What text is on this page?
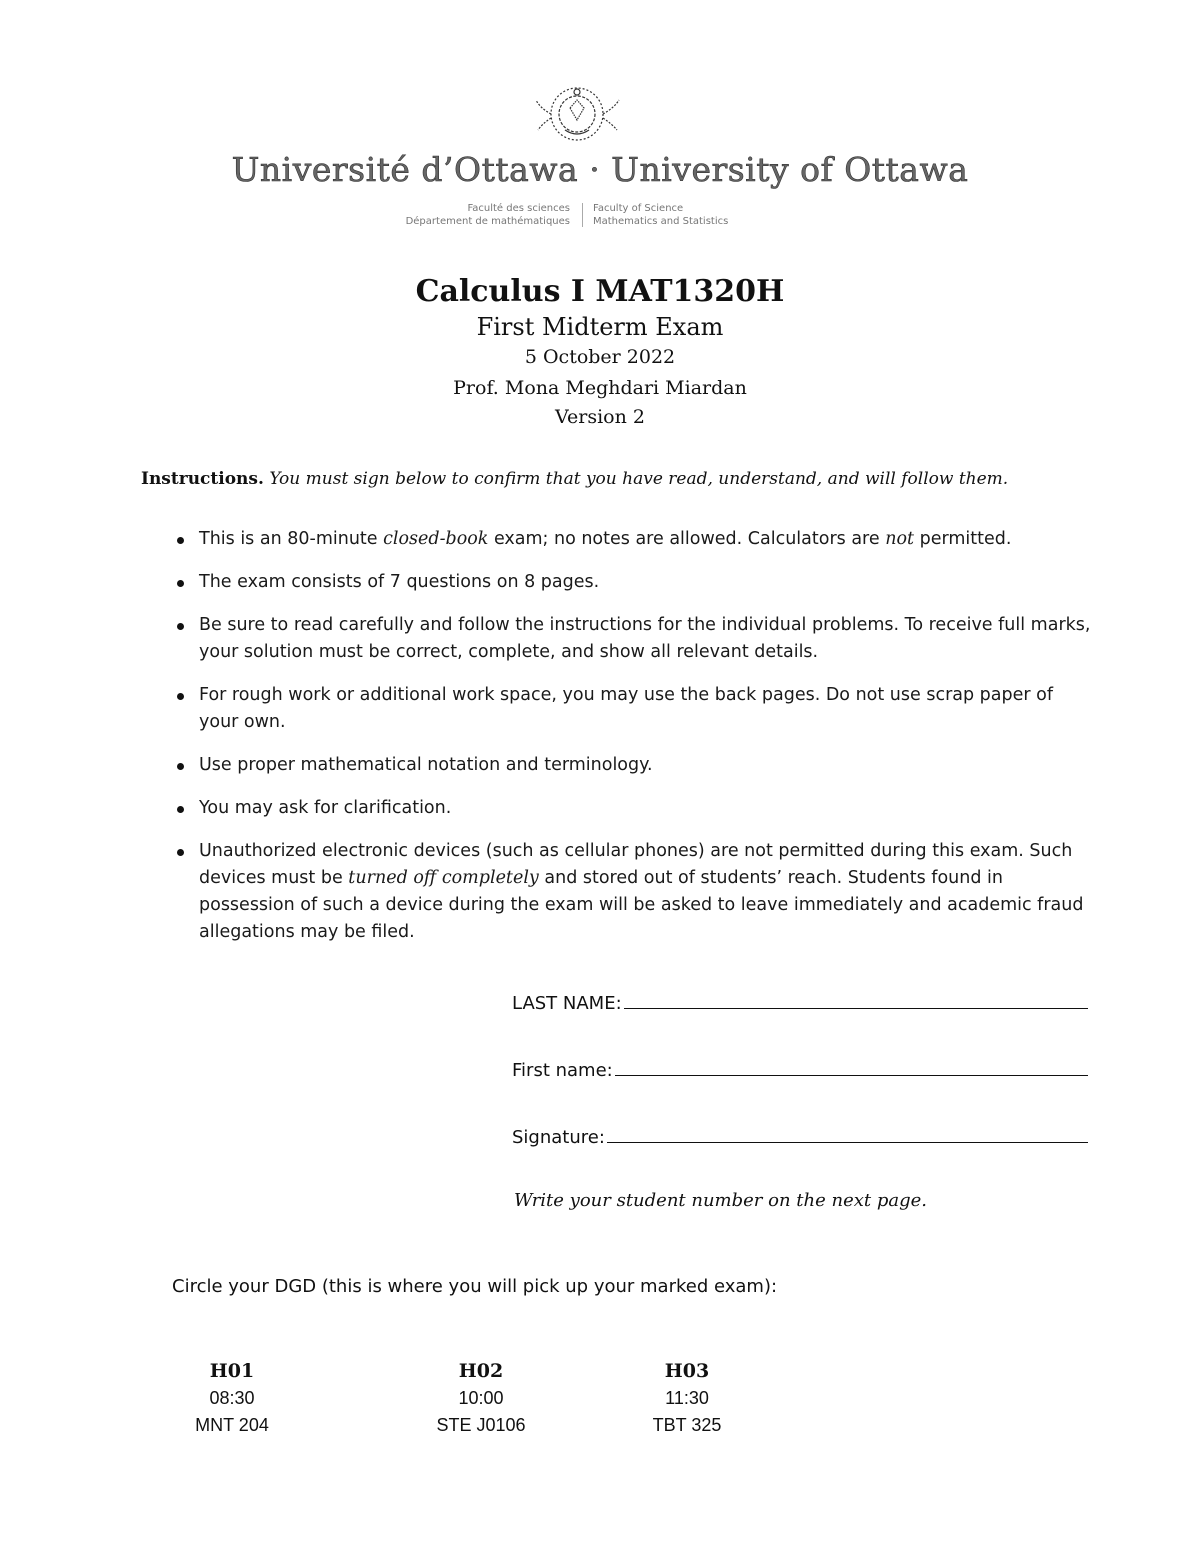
Université d’Ottawa · University of Ottawa
Faculté des sciences
Département de mathématiques
Faculty of Science
Mathematics and Statistics
Calculus I MAT1320H
First Midterm Exam
5 October 2022
Prof. Mona Meghdari Miardan
Version 2
Instructions. You must sign below to confirm that you have read, understand, and will follow them.
This is an 80-minute closed-book exam; no notes are allowed. Calculators are not permitted.
The exam consists of 7 questions on 8 pages.
Be sure to read carefully and follow the instructions for the individual problems. To receive full marks, your solution must be correct, complete, and show all relevant details.
For rough work or additional work space, you may use the back pages. Do not use scrap paper of your own.
Use proper mathematical notation and terminology.
You may ask for clarification.
Unauthorized electronic devices (such as cellular phones) are not permitted during this exam. Such devices must be turned off completely and stored out of students’ reach. Students found in possession of such a device during the exam will be asked to leave immediately and academic fraud allegations may be filed.
LAST NAME:
First name:
Signature:
Write your student number on the next page.
Circle your DGD (this is where you will pick up your marked exam):
H01
08:30
MNT 204
H02
10:00
STE J0106
H03
11:30
TBT 325
